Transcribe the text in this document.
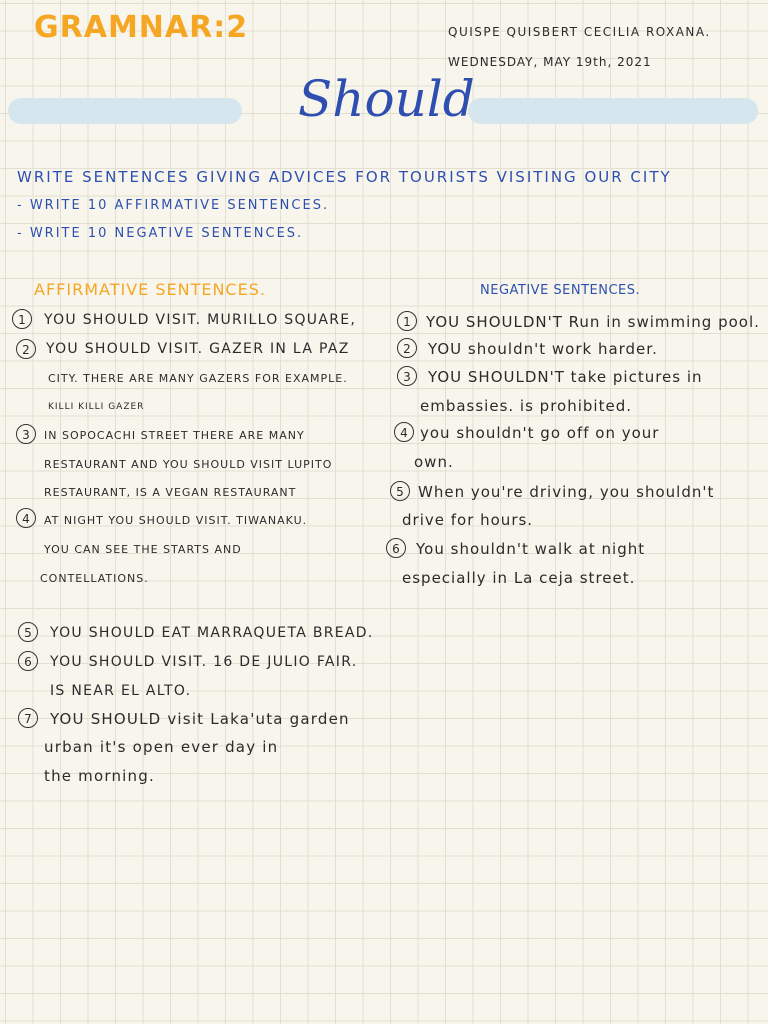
GRAMNAR:2	QUISPE QUISBERT CECILIA ROXANA.
WEDNESDAY, MAY 19th, 2021
Should
WRITE SENTENCES GIVING ADVICES FOR TOURISTS VISITING OUR CITY
- WRITE 10 AFFIRMATIVE SENTENCES.
- WRITE 10 NEGATIVE SENTENCES.
AFFIRMATIVE SENTENCES.	NEGATIVE SENTENCES.
1
2
3
4
5
6
7
YOU SHOULD VISIT. MURILLO SQUARE,
YOU SHOULD VISIT. GAZER IN LA PAZ
CITY. THERE ARE MANY GAZERS FOR EXAMPLE.
KILLI KILLI GAZER
IN SOPOCACHI STREET THERE ARE MANY
RESTAURANT AND YOU SHOULD VISIT LUPITO
RESTAURANT, IS A VEGAN RESTAURANT
AT NIGHT YOU SHOULD VISIT. TIWANAKU.
YOU CAN SEE THE STARTS AND
CONTELLATIONS.
YOU SHOULD EAT MARRAQUETA BREAD.
YOU SHOULD VISIT. 16 DE JULIO FAIR.
IS NEAR EL ALTO.
YOU SHOULD visit Laka'uta garden
urban it's open ever day in
the morning.
1
2
3
4
5
6
YOU SHOULDN'T Run in swimming pool.
YOU shouldn't work harder.
YOU SHOULDN'T take pictures in
embassies. is prohibited.
you shouldn't go off on your
own.
When you're driving, you shouldn't
drive for hours.
You shouldn't walk at night
especially in La ceja street.
